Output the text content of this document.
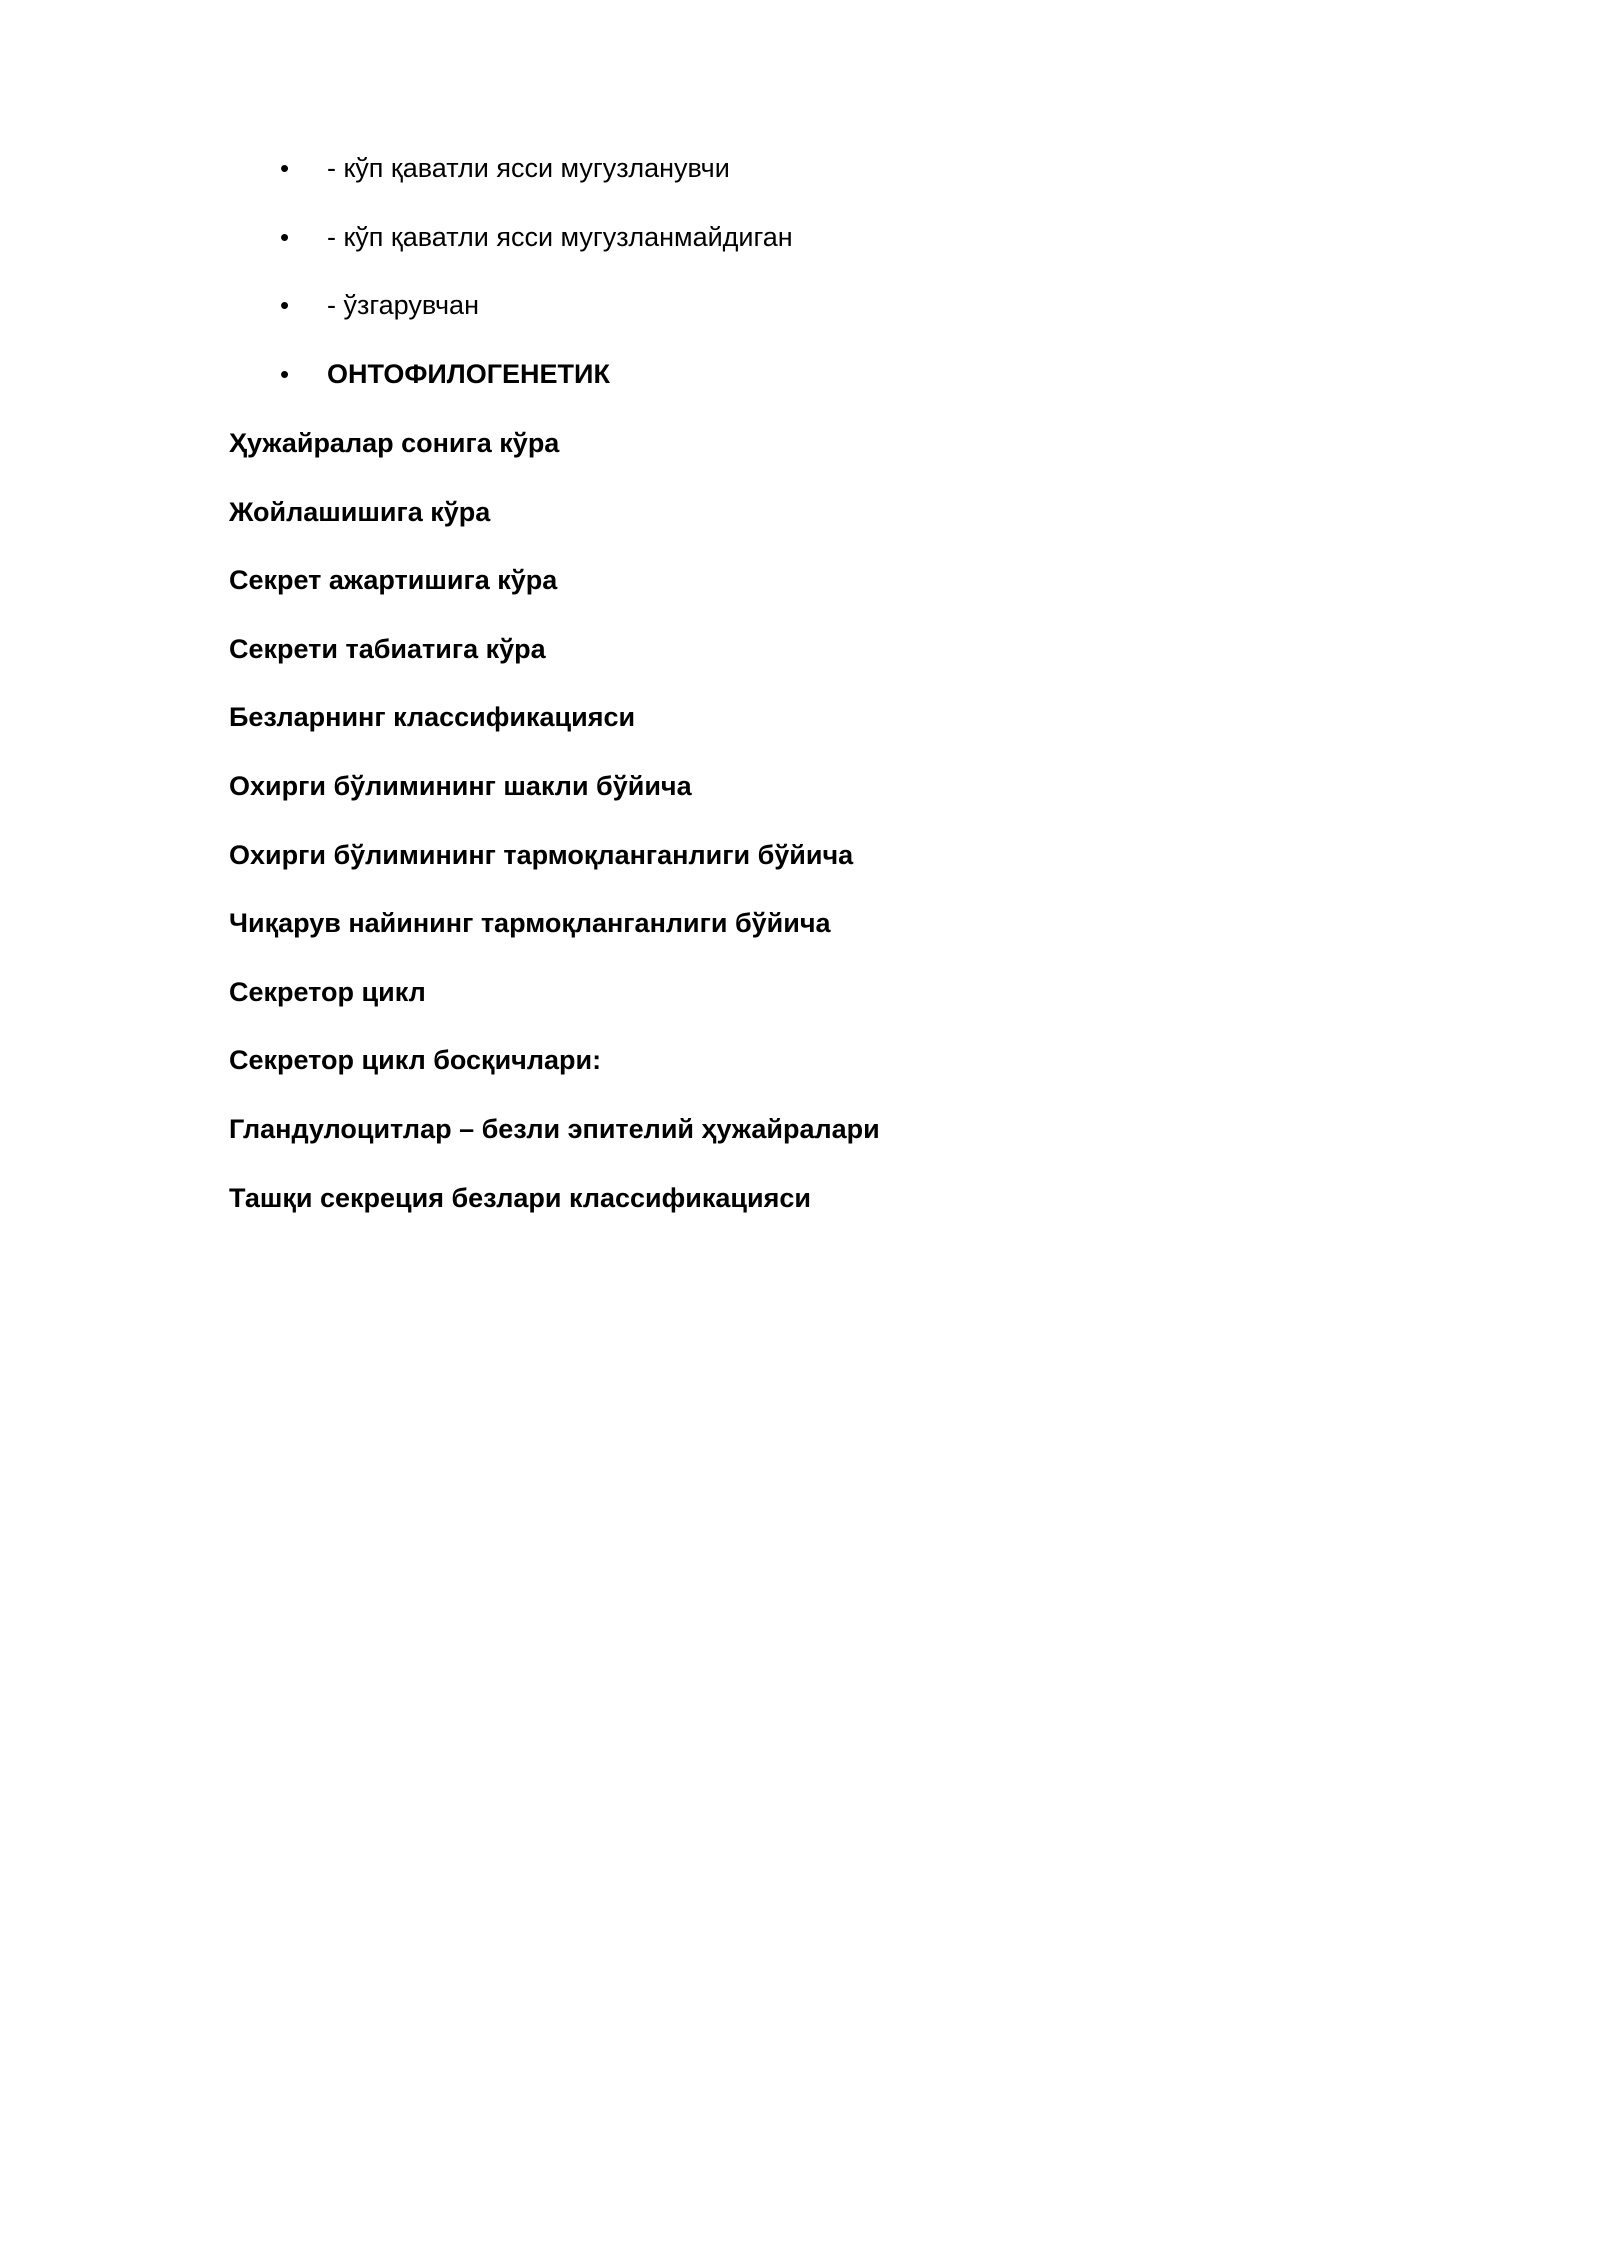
• - кўп қаватли ясси мугузланувчи
• - кўп қаватли ясси мугузланмайдиган
• - ўзгарувчан
• ОНТОФИЛОГЕНЕТИК
Ҳужайралар сонига кўра
Жойлашишига кўра
Секрет ажартишига кўра
Секрети табиатига кўра
Безларнинг классификацияси
Охирги бўлимининг шакли бўйича
Охирги бўлимининг тармоқланганлиги бўйича
Чиқарув найининг тармоқланганлиги бўйича
Секретор цикл
Секретор цикл босқичлари:
Гландулоцитлар – безли эпителий ҳужайралари
Ташқи секреция безлари классификацияси
